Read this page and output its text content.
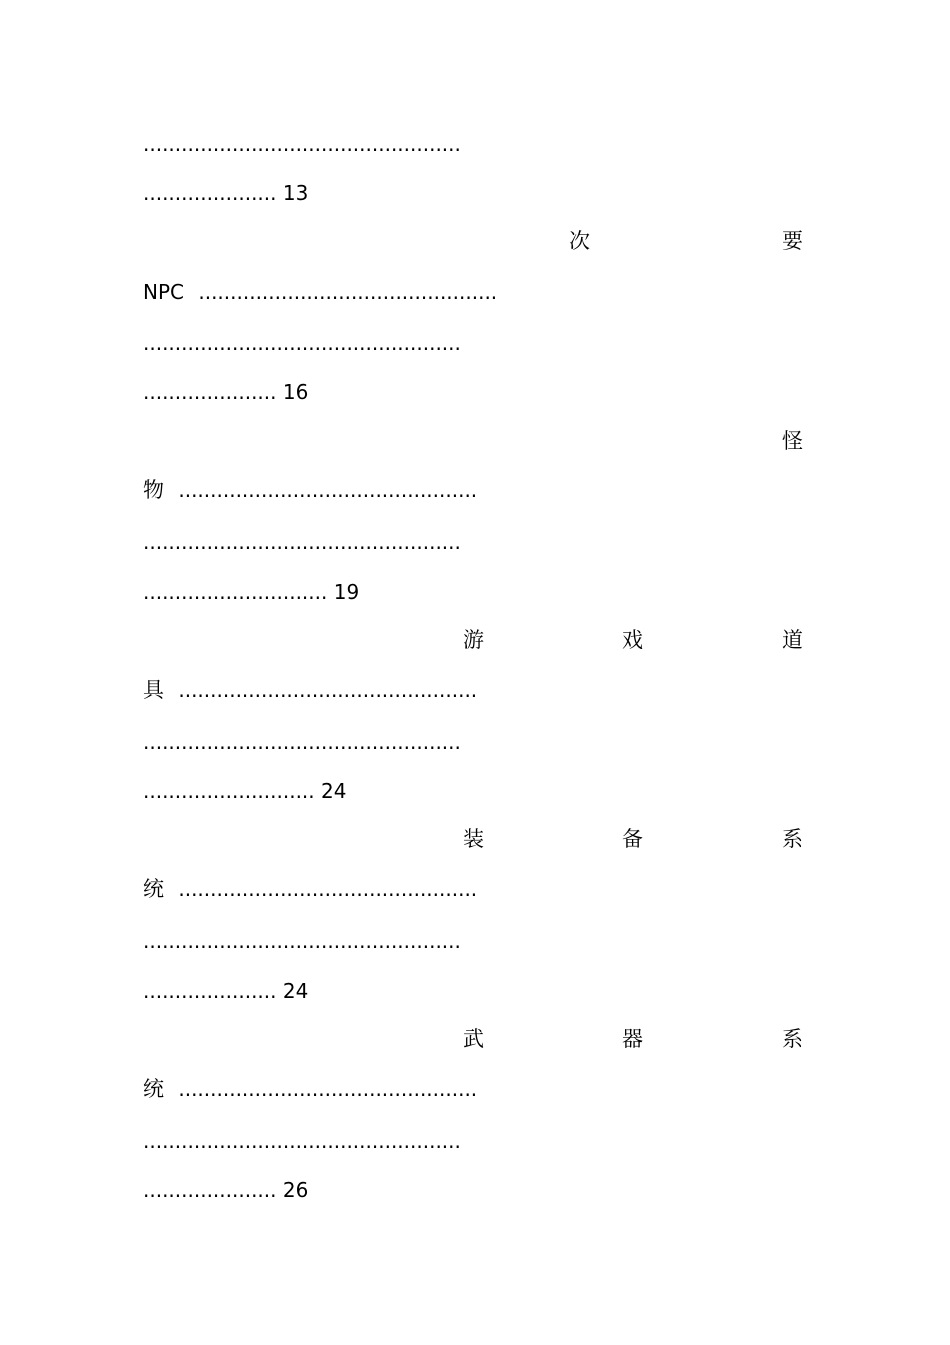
..................................................
..................... 13
次	要
NPC ...............................................
..................................................
..................... 16
怪
物 ...............................................
..................................................
............................. 19
游	戏	道
具 ...............................................
..................................................
........................... 24
装	备	系
统 ...............................................
..................................................
..................... 24
武	器	系
统 ...............................................
..................................................
..................... 26
